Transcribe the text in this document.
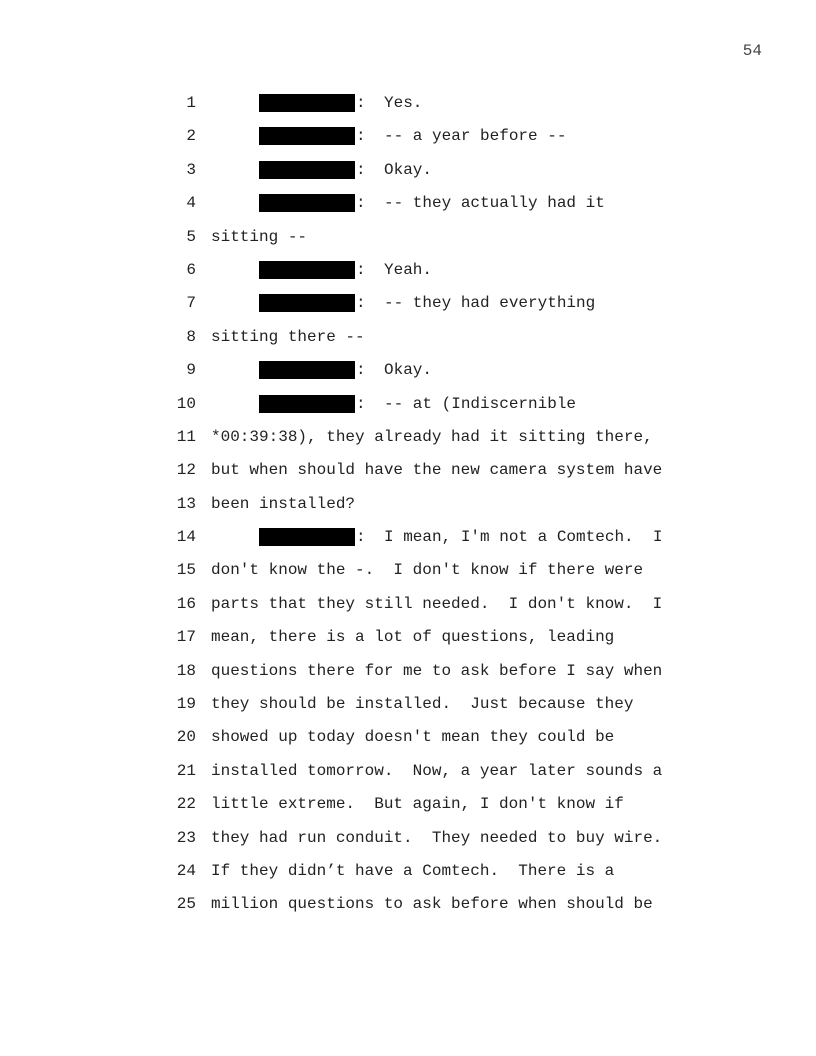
54
1	: Yes.
2	: -- a year before --
3	: Okay.
4	: -- they actually had it
5 sitting --
6	: Yeah.
7	: -- they had everything
8 sitting there --
9	: Okay.
10	: -- at (Indiscernible
11 *00:39:38), they already had it sitting there,
12 but when should have the new camera system have
13 been installed?
14	: I mean, I'm not a Comtech.  I
15 don't know the -.  I don't know if there were
16 parts that they still needed.  I don't know.  I
17 mean, there is a lot of questions, leading
18 questions there for me to ask before I say when
19 they should be installed.  Just because they
20 showed up today doesn't mean they could be
21 installed tomorrow.  Now, a year later sounds a
22 little extreme.  But again, I don't know if
23 they had run conduit.  They needed to buy wire.
24 If they didn’t have a Comtech.  There is a
25 million questions to ask before when should be
